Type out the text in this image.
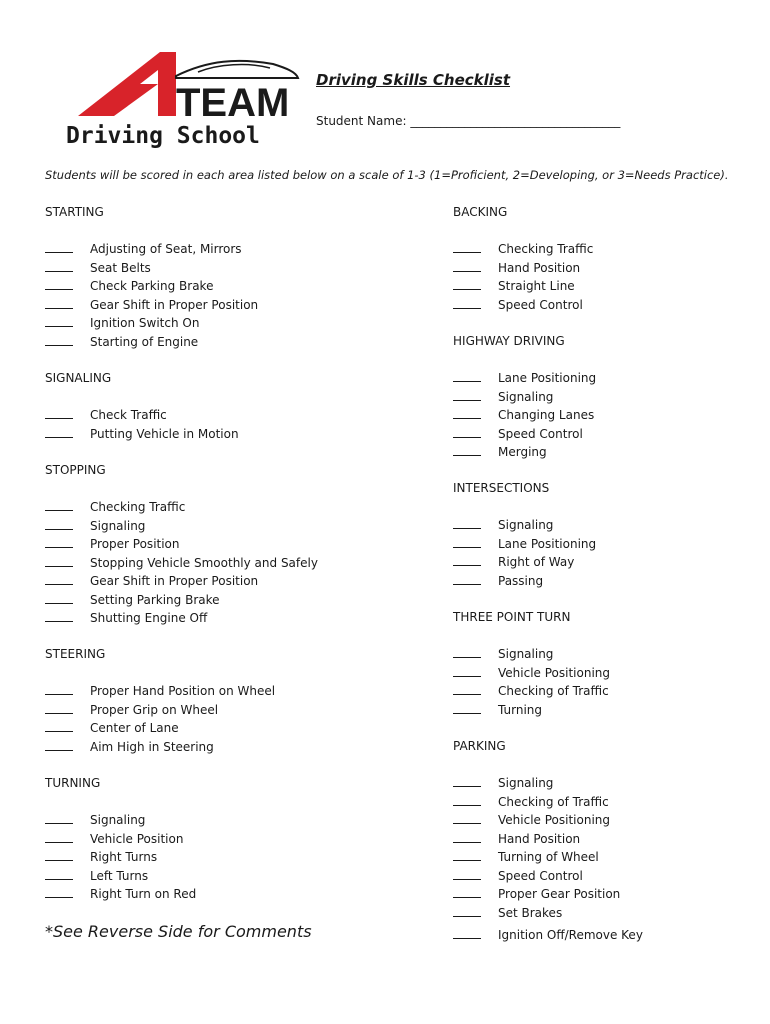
TEAM
Driving School
Driving Skills Checklist
Student Name: ___________________________________
Students will be scored in each area listed below on a scale of 1-3 (1=Proficient, 2=Developing, or 3=Needs Practice).
STARTING
Adjusting of Seat, Mirrors
Seat Belts
Check Parking Brake
Gear Shift in Proper Position
Ignition Switch On
Starting of Engine
SIGNALING
Check Traffic
Putting Vehicle in Motion
STOPPING
Checking Traffic
Signaling
Proper Position
Stopping Vehicle Smoothly and Safely
Gear Shift in Proper Position
Setting Parking Brake
Shutting Engine Off
STEERING
Proper Hand Position on Wheel
Proper Grip on Wheel
Center of Lane
Aim High in Steering
TURNING
Signaling
Vehicle Position
Right Turns
Left Turns
Right Turn on Red
BACKING
Checking Traffic
Hand Position
Straight Line
Speed Control
HIGHWAY DRIVING
Lane Positioning
Signaling
Changing Lanes
Speed Control
Merging
INTERSECTIONS
Signaling
Lane Positioning
Right of Way
Passing
THREE POINT TURN
Signaling
Vehicle Positioning
Checking of Traffic
Turning
PARKING
Signaling
Checking of Traffic
Vehicle Positioning
Hand Position
Turning of Wheel
Speed Control
Proper Gear Position
Set Brakes
Ignition Off/Remove Key
*See Reverse Side for Comments
